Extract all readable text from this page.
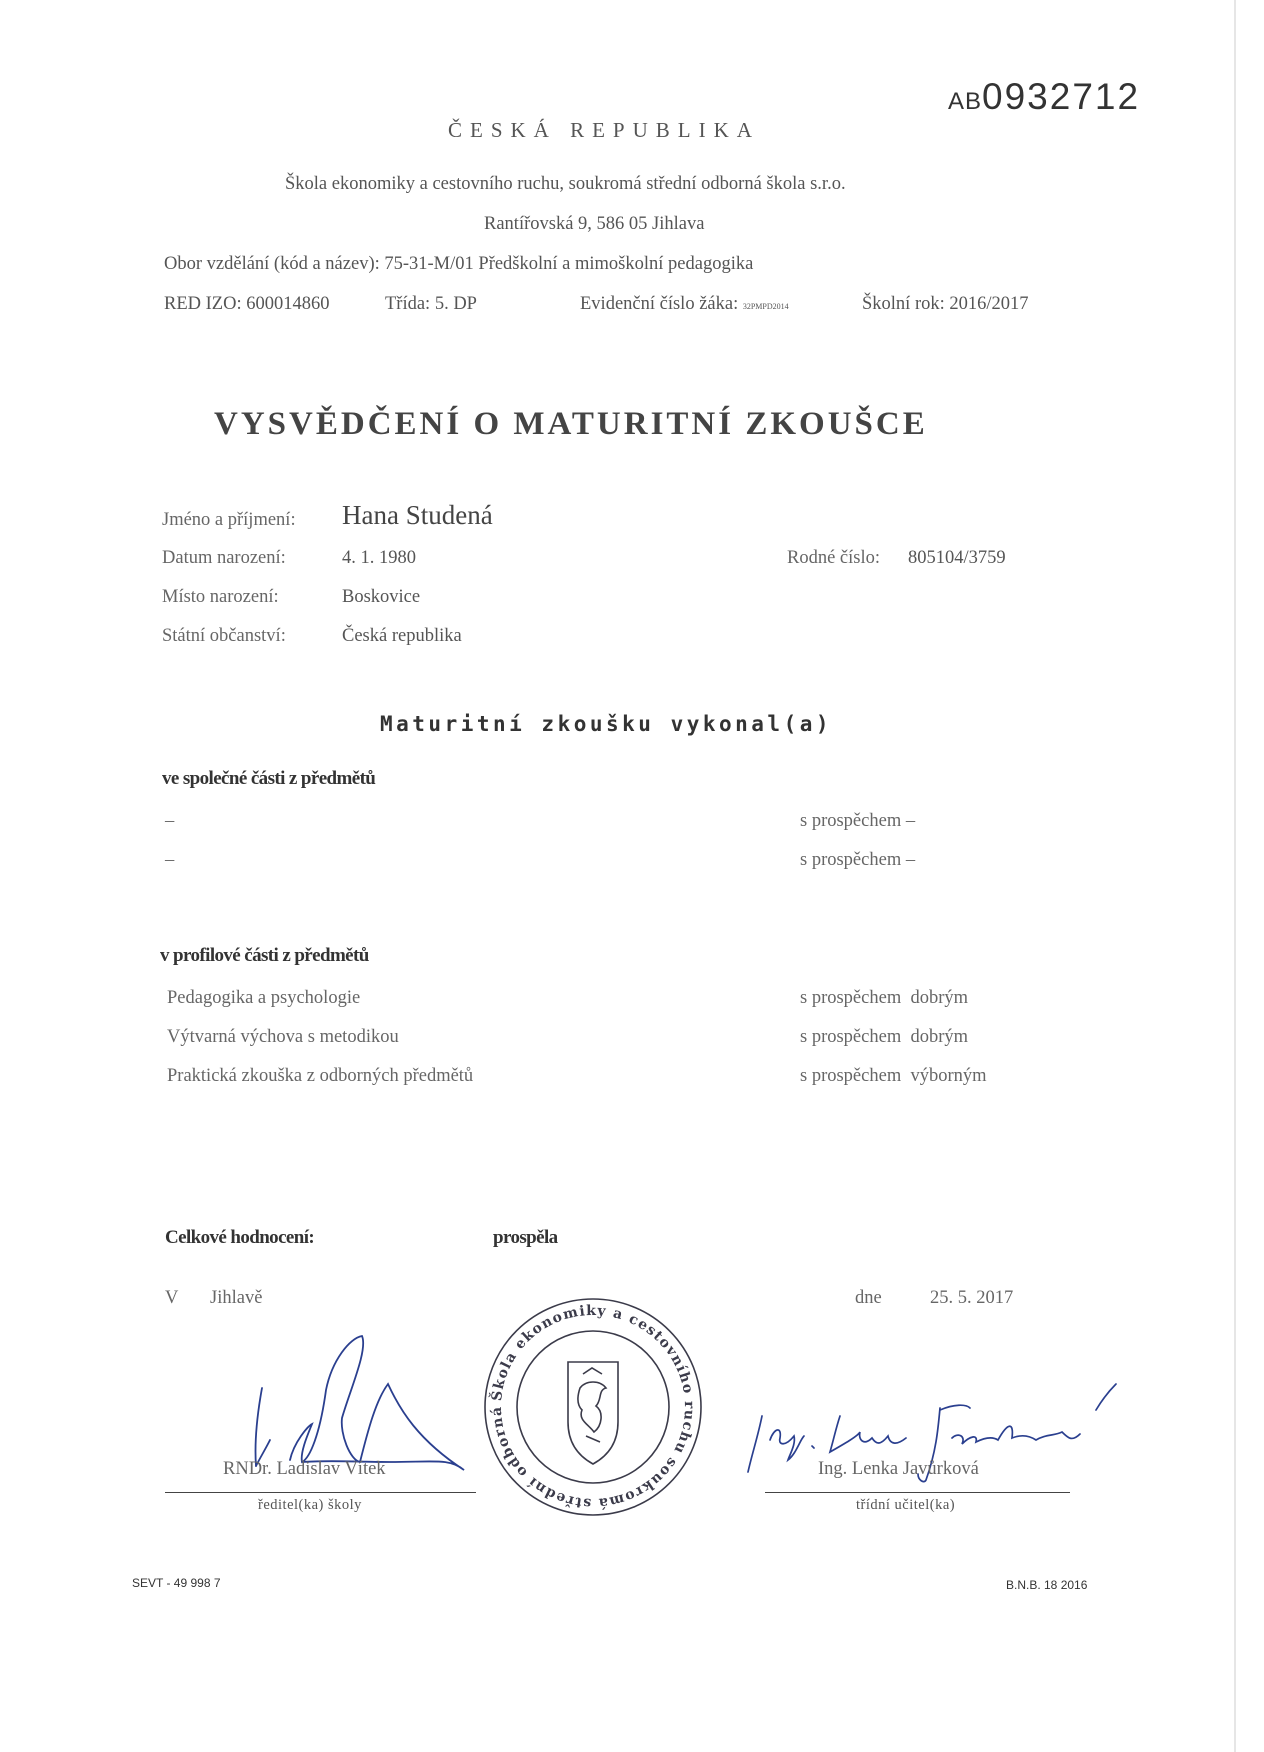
AB0932712
ČESKÁ REPUBLIKA
Škola ekonomiky a cestovního ruchu, soukromá střední odborná škola s.r.o.
Rantířovská 9, 586 05 Jihlava
Obor vzdělání (kód a název): 75-31-M/01 Předškolní a mimoškolní pedagogika
RED IZO: 600014860	Třída: 5. DP	Evidenční číslo žáka: 32PMPD2014	Školní rok: 2016/2017
VYSVĚDČENÍ O MATURITNÍ ZKOUŠCE
Jméno a příjmení: Hana Studená
Datum narození:	4. 1. 1980	Rodné číslo: 805104/3759
Místo narození:	Boskovice
Státní občanství:	Česká republika
Maturitní zkoušku vykonal(a)
ve společné části z předmětů
–	s prospěchem –
–	s prospěchem –
v profilové části z předmětů
Pedagogika a psychologie	s prospěchem dobrým
Výtvarná výchova s metodikou	s prospěchem dobrým
Praktická zkouška z odborných předmětů	s prospěchem výborným
Celkové hodnocení:	prospěla
V Jihlavě	dne	25. 5. 2017
RNDr. Ladislav Vítek
ředitel(ka) školy
Škola ekonomiky a cestovního ruchu soukromá střední odborná škola s.r.o. Rantířovská 9 Jihlava
Ing. Lenka Javůrková
třídní učitel(ka)
SEVT - 49 998 7	B.N.B. 18 2016
